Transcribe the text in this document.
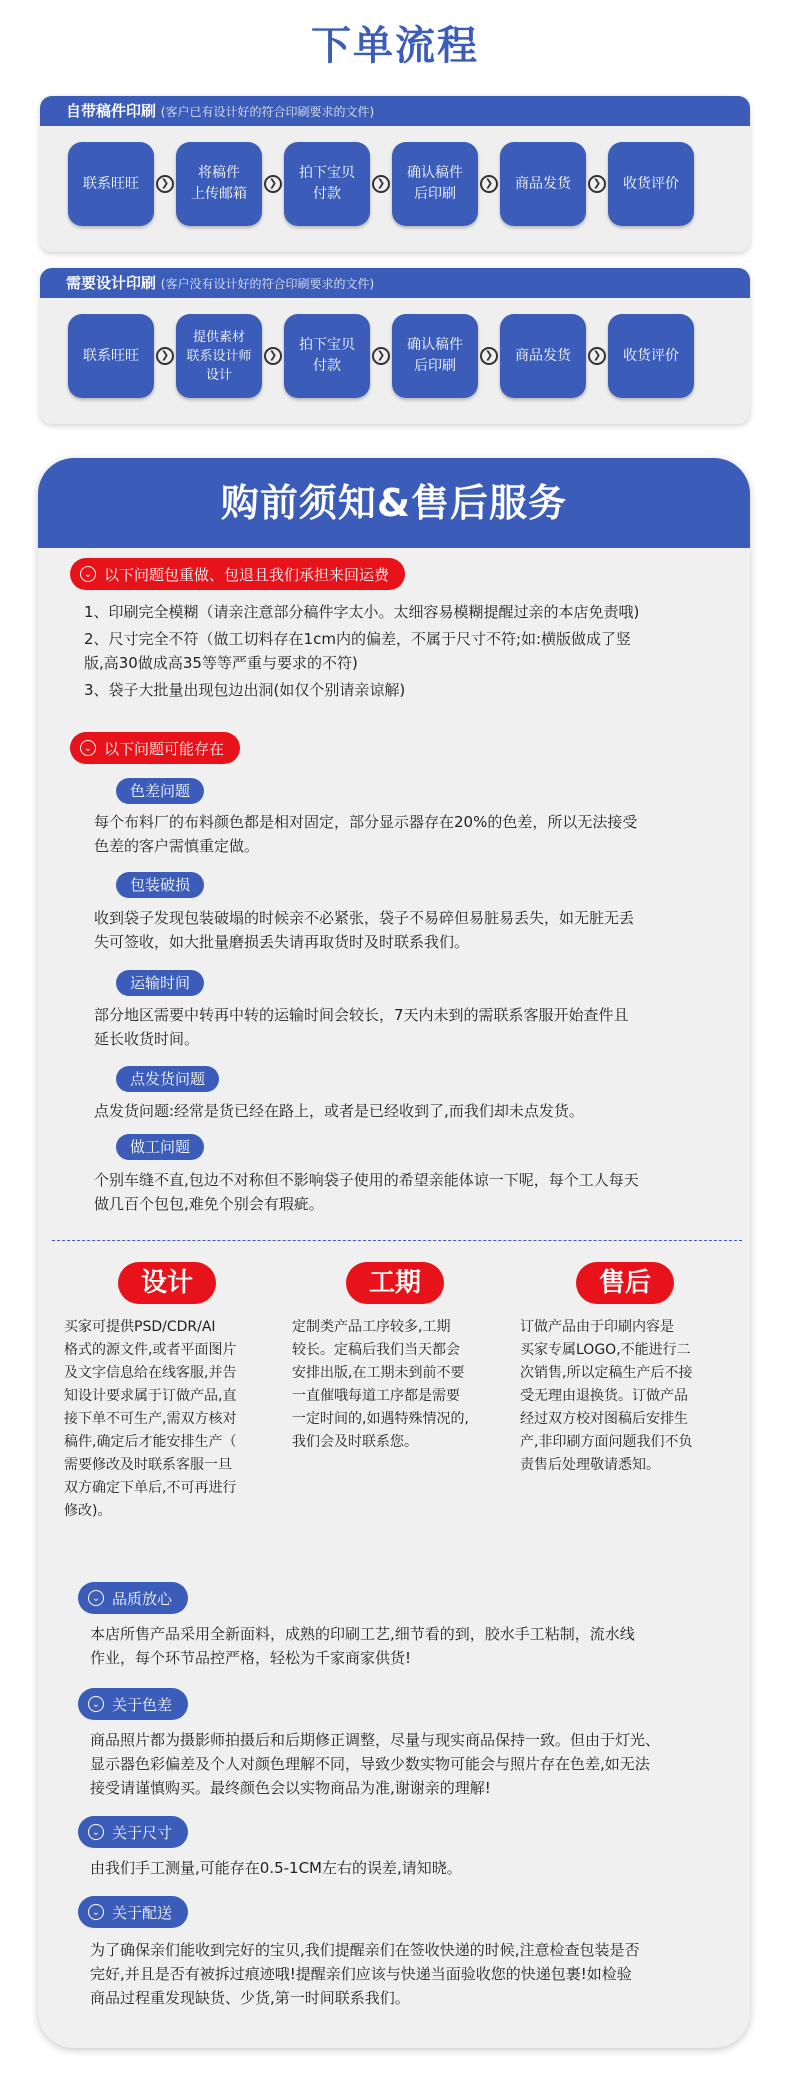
下单流程
自带稿件印刷 (客户已有设计好的符合印刷要求的文件)
联系旺旺	❯
将稿件
上传邮箱
❯
拍下宝贝
付款
❯
确认稿件
后印刷
❯	商品发货	❯	收货评价
需要设计印刷 (客户没有设计好的符合印刷要求的文件)
联系旺旺	❯
提供素材
联系设计师
设计
❯
拍下宝贝
付款
❯
确认稿件
后印刷
❯	商品发货	❯	收货评价
购前须知&售后服务
⌄ 以下问题包重做、包退且我们承担来回运费
1、印刷完全模糊（请亲注意部分稿件字太小。太细容易模糊提醒过亲的本店免责哦)
2、尺寸完全不符（做工切料存在1cm内的偏差，不属于尺寸不符;如:横版做成了竖
版,高30做成高35等等严重与要求的不符)
3、袋子大批量出现包边出洞(如仅个别请亲谅解)
⌄ 以下问题可能存在
色差问题
每个布料厂的布料颜色都是相对固定，部分显示器存在20%的色差，所以无法接受
色差的客户需慎重定做。
包装破损
收到袋子发现包装破塌的时候亲不必紧张，袋子不易碎但易脏易丢失，如无脏无丢
失可签收，如大批量磨损丢失请再取货时及时联系我们。
运输时间
部分地区需要中转再中转的运输时间会较长，7天内未到的需联系客服开始查件且
延长收货时间。
点发货问题
点发货问题:经常是货已经在路上，或者是已经收到了,而我们却未点发货。
做工问题
个别车缝不直,包边不对称但不影响袋子使用的希望亲能体谅一下呢，每个工人每天
做几百个包包,难免个别会有瑕疵。
设计
买家可提供PSD/CDR/AI
格式的源文件,或者平面图片
及文字信息给在线客服,并告
知设计要求属于订做产品,直
接下单不可生产,需双方核对
稿件,确定后才能安排生产（
需要修改及时联系客服一旦
双方确定下单后,不可再进行
修改)。
工期
定制类产品工序较多,工期
较长。定稿后我们当天都会
安排出版,在工期未到前不要
一直催哦每道工序都是需要
一定时间的,如遇特殊情况的,
我们会及时联系您。
售后
订做产品由于印刷内容是
买家专属LOGO,不能进行二
次销售,所以定稿生产后不接
受无理由退换货。订做产品
经过双方校对图稿后安排生
产,非印刷方面问题我们不负
责售后处理敬请悉知。
⌄ 品质放心
本店所售产品采用全新面料，成熟的印刷工艺,细节看的到，胶水手工粘制，流水线
作业，每个环节品控严格，轻松为千家商家供货!
⌄ 关于色差
商品照片都为摄影师拍摄后和后期修正调整，尽量与现实商品保持一致。但由于灯光、
显示器色彩偏差及个人对颜色理解不同，导致少数实物可能会与照片存在色差,如无法
接受请谨慎购买。最终颜色会以实物商品为准,谢谢亲的理解!
⌄ 关于尺寸
由我们手工测量,可能存在0.5-1CM左右的误差,请知晓。
⌄ 关于配送
为了确保亲们能收到完好的宝贝,我们提醒亲们在签收快递的时候,注意检查包装是否
完好,并且是否有被拆过痕迹哦!提醒亲们应该与快递当面验收您的快递包裹!如检验
商品过程重发现缺货、少货,第一时间联系我们。
